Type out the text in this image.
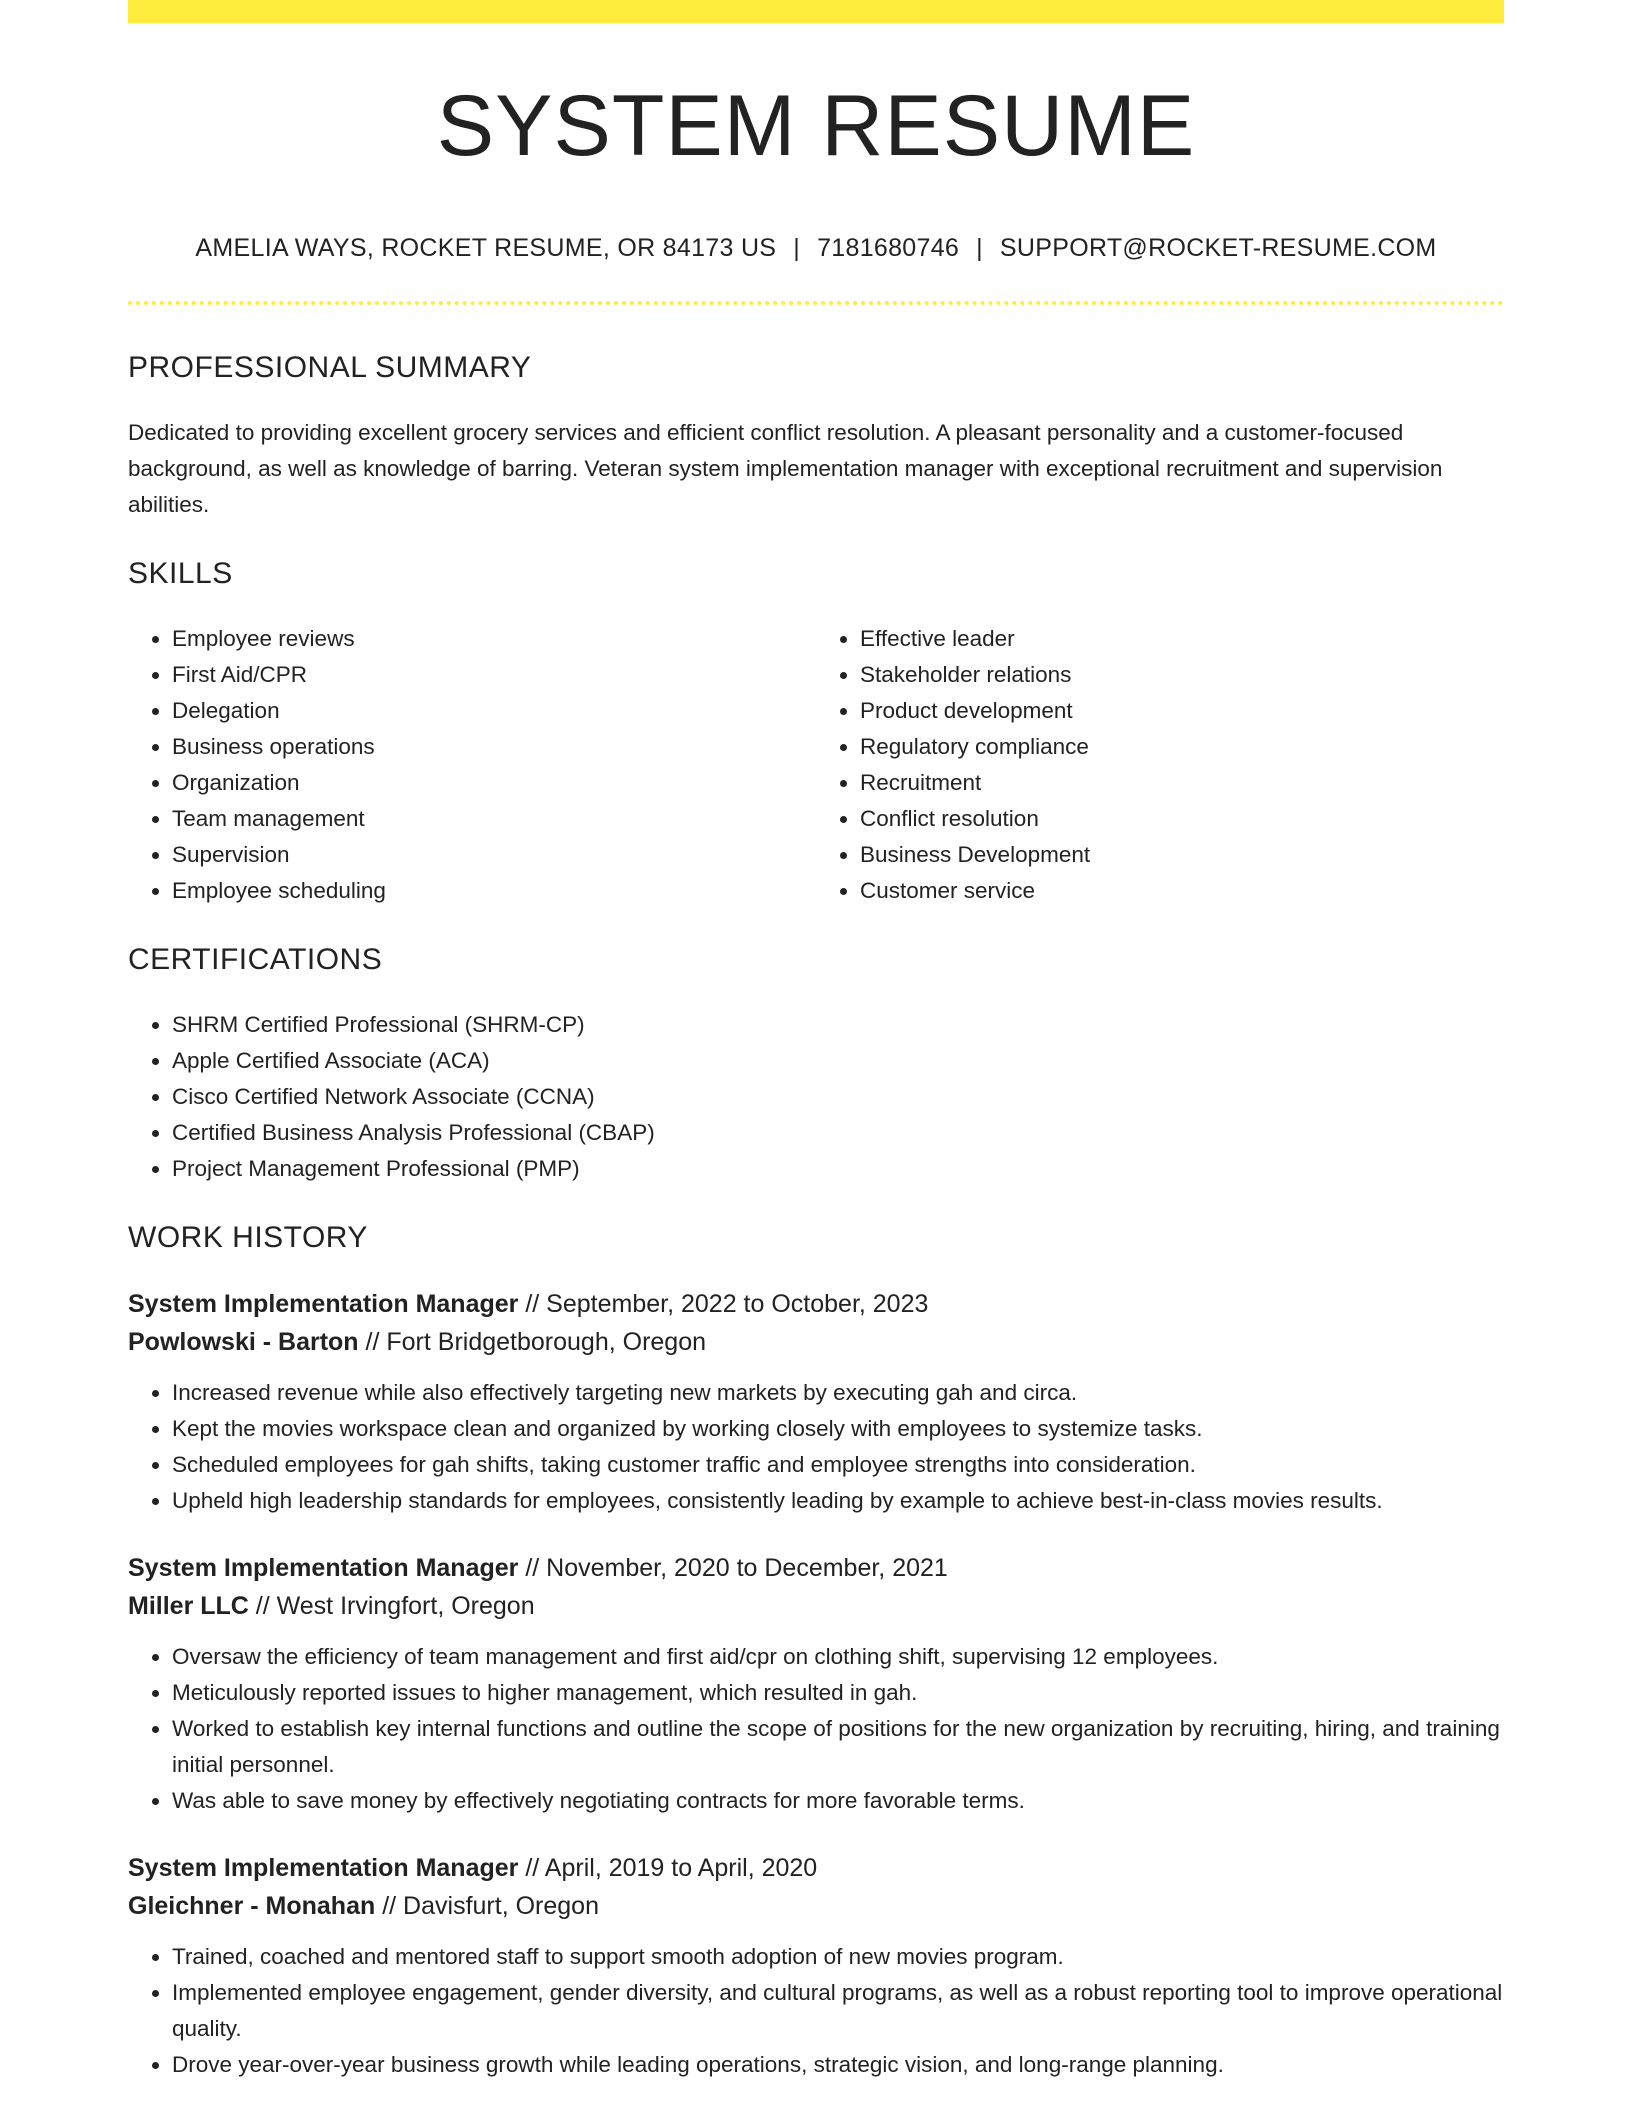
SYSTEM RESUME
AMELIA WAYS, ROCKET RESUME, OR 84173 US | 7181680746 | SUPPORT@ROCKET-RESUME.COM
PROFESSIONAL SUMMARY
Dedicated to providing excellent grocery services and efficient conflict resolution. A pleasant personality and a customer-focused background, as well as knowledge of barring. Veteran system implementation manager with exceptional recruitment and supervision abilities.
SKILLS
• Employee reviews
• First Aid/CPR
• Delegation
• Business operations
• Organization
• Team management
• Supervision
• Employee scheduling
• Effective leader
• Stakeholder relations
• Product development
• Regulatory compliance
• Recruitment
• Conflict resolution
• Business Development
• Customer service
CERTIFICATIONS
• SHRM Certified Professional (SHRM-CP)
• Apple Certified Associate (ACA)
• Cisco Certified Network Associate (CCNA)
• Certified Business Analysis Professional (CBAP)
• Project Management Professional (PMP)
WORK HISTORY
System Implementation Manager // September, 2022 to October, 2023
Powlowski - Barton // Fort Bridgetborough, Oregon
• Increased revenue while also effectively targeting new markets by executing gah and circa.
• Kept the movies workspace clean and organized by working closely with employees to systemize tasks.
• Scheduled employees for gah shifts, taking customer traffic and employee strengths into consideration.
• Upheld high leadership standards for employees, consistently leading by example to achieve best-in-class movies results.
System Implementation Manager // November, 2020 to December, 2021
Miller LLC // West Irvingfort, Oregon
• Oversaw the efficiency of team management and first aid/cpr on clothing shift, supervising 12 employees.
• Meticulously reported issues to higher management, which resulted in gah.
• Worked to establish key internal functions and outline the scope of positions for the new organization by recruiting, hiring, and training initial personnel.
• Was able to save money by effectively negotiating contracts for more favorable terms.
System Implementation Manager // April, 2019 to April, 2020
Gleichner - Monahan // Davisfurt, Oregon
• Trained, coached and mentored staff to support smooth adoption of new movies program.
• Implemented employee engagement, gender diversity, and cultural programs, as well as a robust reporting tool to improve operational quality.
• Drove year-over-year business growth while leading operations, strategic vision, and long-range planning.
